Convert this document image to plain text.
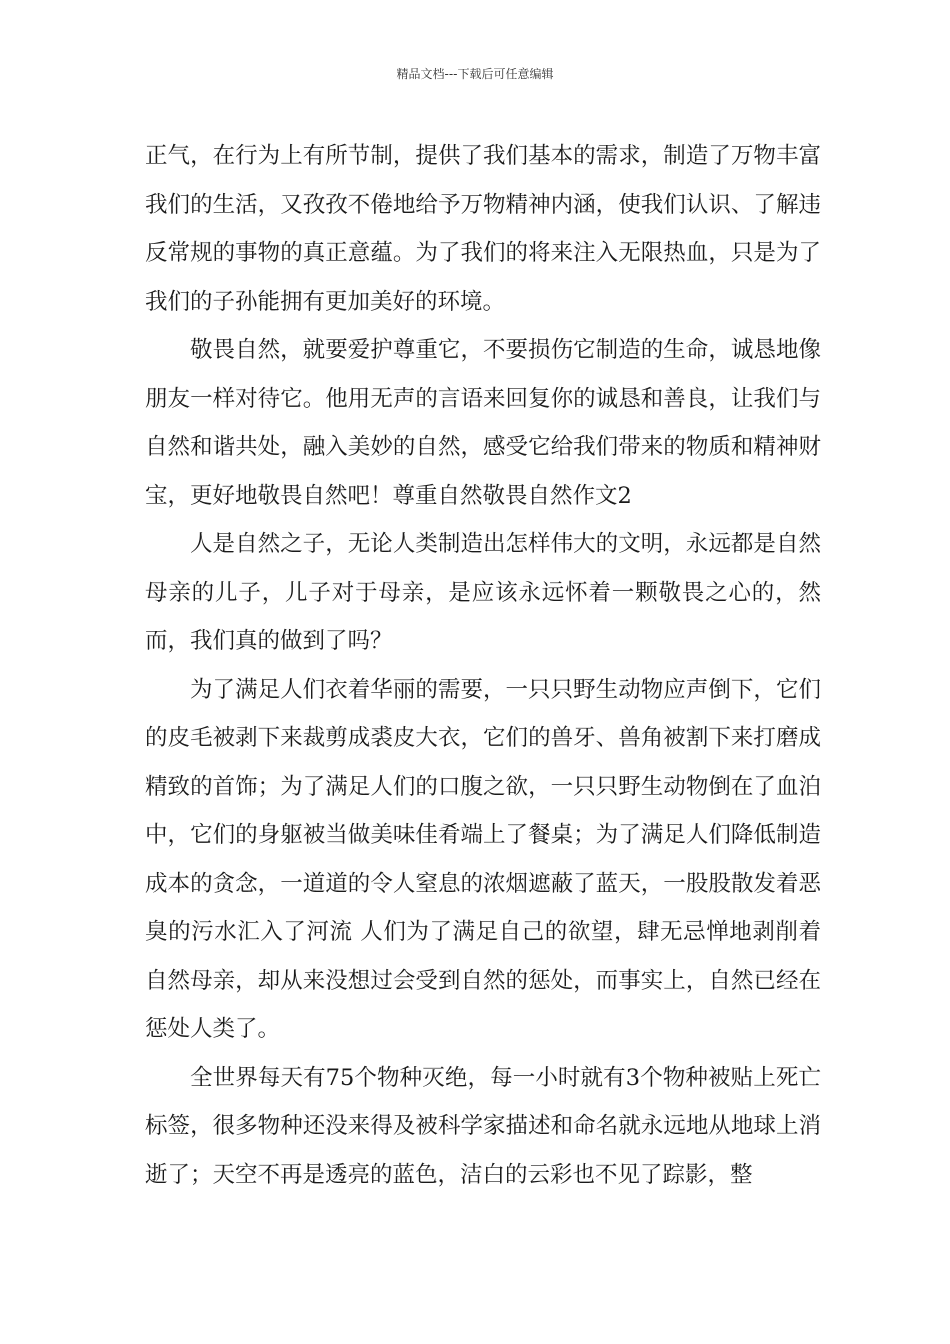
精品文档---下载后可任意编辑

正气，在行为上有所节制，提供了我们基本的需求，制造了万物丰富我们的生活，又孜孜不倦地给予万物精神内涵，使我们认识、了解违反常规的事物的真正意蕴。为了我们的将来注入无限热血，只是为了我们的子孙能拥有更加美好的环境。

敬畏自然，就要爱护尊重它，不要损伤它制造的生命，诚恳地像朋友一样对待它。他用无声的言语来回复你的诚恳和善良，让我们与自然和谐共处，融入美妙的自然，感受它给我们带来的物质和精神财宝，更好地敬畏自然吧！尊重自然敬畏自然作文2

人是自然之子，无论人类制造出怎样伟大的文明，永远都是自然母亲的儿子，儿子对于母亲，是应该永远怀着一颗敬畏之心的，然而，我们真的做到了吗？

为了满足人们衣着华丽的需要，一只只野生动物应声倒下，它们的皮毛被剥下来裁剪成裘皮大衣，它们的兽牙、兽角被割下来打磨成精致的首饰；为了满足人们的口腹之欲，一只只野生动物倒在了血泊中，它们的身躯被当做美味佳肴端上了餐桌；为了满足人们降低制造成本的贪念，一道道的令人窒息的浓烟遮蔽了蓝天，一股股散发着恶臭的污水汇入了河流 人们为了满足自己的欲望，肆无忌惮地剥削着自然母亲，却从来没想过会受到自然的惩处，而事实上，自然已经在惩处人类了。

全世界每天有75个物种灭绝，每一小时就有3个物种被贴上死亡标签，很多物种还没来得及被科学家描述和命名就永远地从地球上消逝了；天空不再是透亮的蓝色，洁白的云彩也不见了踪影，整
